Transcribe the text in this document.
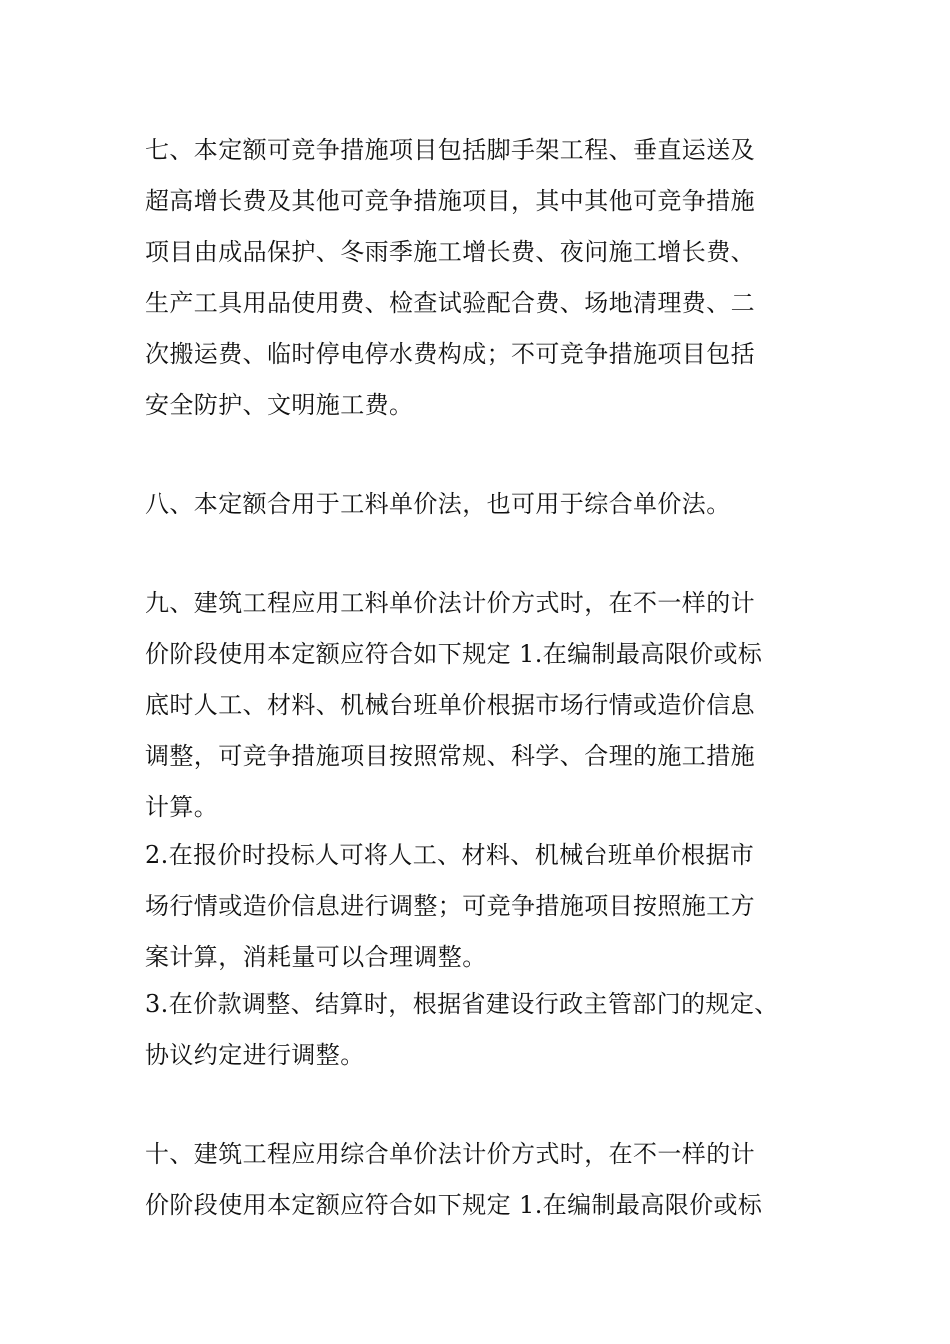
七、本定额可竞争措施项目包括脚手架工程、垂直运送及
超高增长费及其他可竞争措施项目，其中其他可竞争措施
项目由成品保护、冬雨季施工增长费、夜问施工增长费、
生产工具用品使用费、检查试验配合费、场地清理费、二
次搬运费、临时停电停水费构成；不可竞争措施项目包括
安全防护、文明施工费。
八、本定额合用于工料单价法，也可用于综合单价法。
九、建筑工程应用工料单价法计价方式时，在不一样的计
价阶段使用本定额应符合如下规定 1.在编制最高限价或标
底时人工、材料、机械台班单价根据市场行情或造价信息
调整，可竞争措施项目按照常规、科学、合理的施工措施
计算。
2.在报价时投标人可将人工、材料、机械台班单价根据市
场行情或造价信息进行调整；可竞争措施项目按照施工方
案计算，消耗量可以合理调整。
3.在价款调整、结算时，根据省建设行政主管部门的规定、
协议约定进行调整。
十、建筑工程应用综合单价法计价方式时，在不一样的计
价阶段使用本定额应符合如下规定 1.在编制最高限价或标
